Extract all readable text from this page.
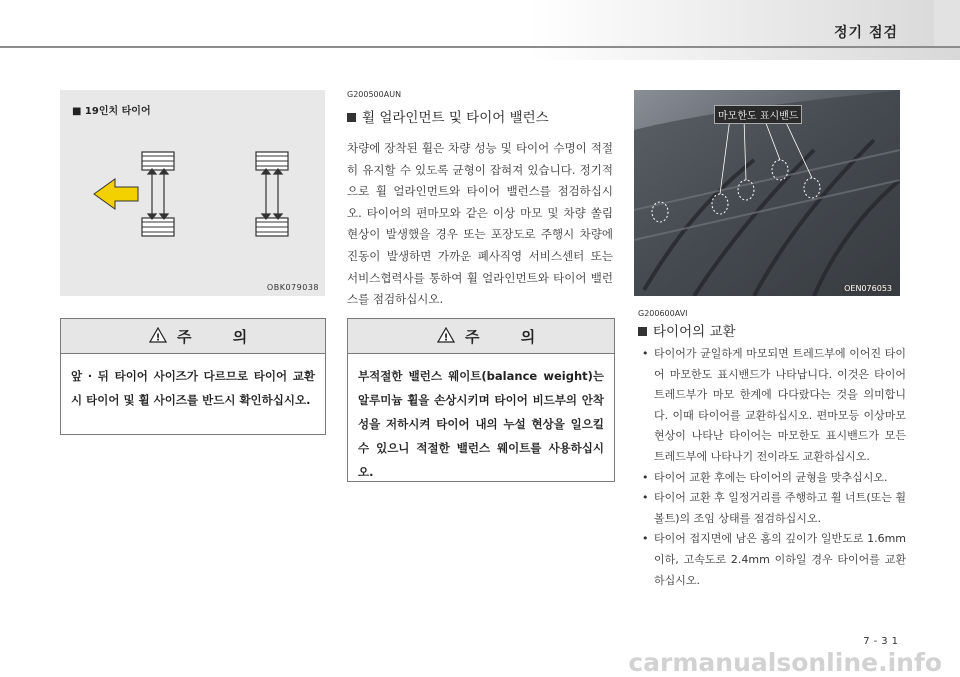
정기 점검
■ 19인치 타이어
OBK079038
! 주 의
앞 · 뒤 타이어 사이즈가 다르므로 타이어 교환 시 타이어 및 휠 사이즈를 반드시 확인하십시오.
G200500AUN
휠 얼라인먼트 및 타이어 밸런스
차량에 장착된 휠은 차량 성능 및 타이어 수명이 적절히 유지할 수 있도록 균형이 잡혀져 있습니다. 정기적으로 휠 얼라인먼트와 타이어 밸런스를 점검하십시오. 타이어의 편마모와 같은 이상 마모 및 차량 쏠림 현상이 발생했을 경우 또는 포장도로 주행시 차량에 진동이 발생하면 가까운 폐사직영 서비스센터 또는 서비스협력사를 통하여 휠 얼라인먼트와 타이어 밸런스를 점검하십시오.
! 주 의
부적절한 밸런스 웨이트(balance weight)는 알루미늄 휠을 손상시키며 타이어 비드부의 안착성을 저하시켜 타이어 내의 누설 현상을 일으킬 수 있으니 적절한 밸런스 웨이트를 사용하십시오.
마모한도 표시밴드
OEN076053
G200600AVI
타이어의 교환
• 타이어가 균일하게 마모되면 트레드부에 이어진 타이어 마모한도 표시밴드가 나타납니다. 이것은 타이어 트레드부가 마모 한계에 다다랐다는 것을 의미합니다. 이때 타이어를 교환하십시오. 편마모등 이상마모 현상이 나타난 타이어는 마모한도 표시밴드가 모든 트레드부에 나타나기 전이라도 교환하십시오.
• 타이어 교환 후에는 타이어의 균형을 맞추십시오.
• 타이어 교환 후 일정거리를 주행하고 휠 너트(또는 휠 볼트)의 조임 상태를 점검하십시오.
• 타이어 접지면에 남은 홈의 깊이가 일반도로 1.6mm 이하, 고속도로 2.4mm 이하일 경우 타이어를 교환하십시오.
7-31
carmanualsonline.info
